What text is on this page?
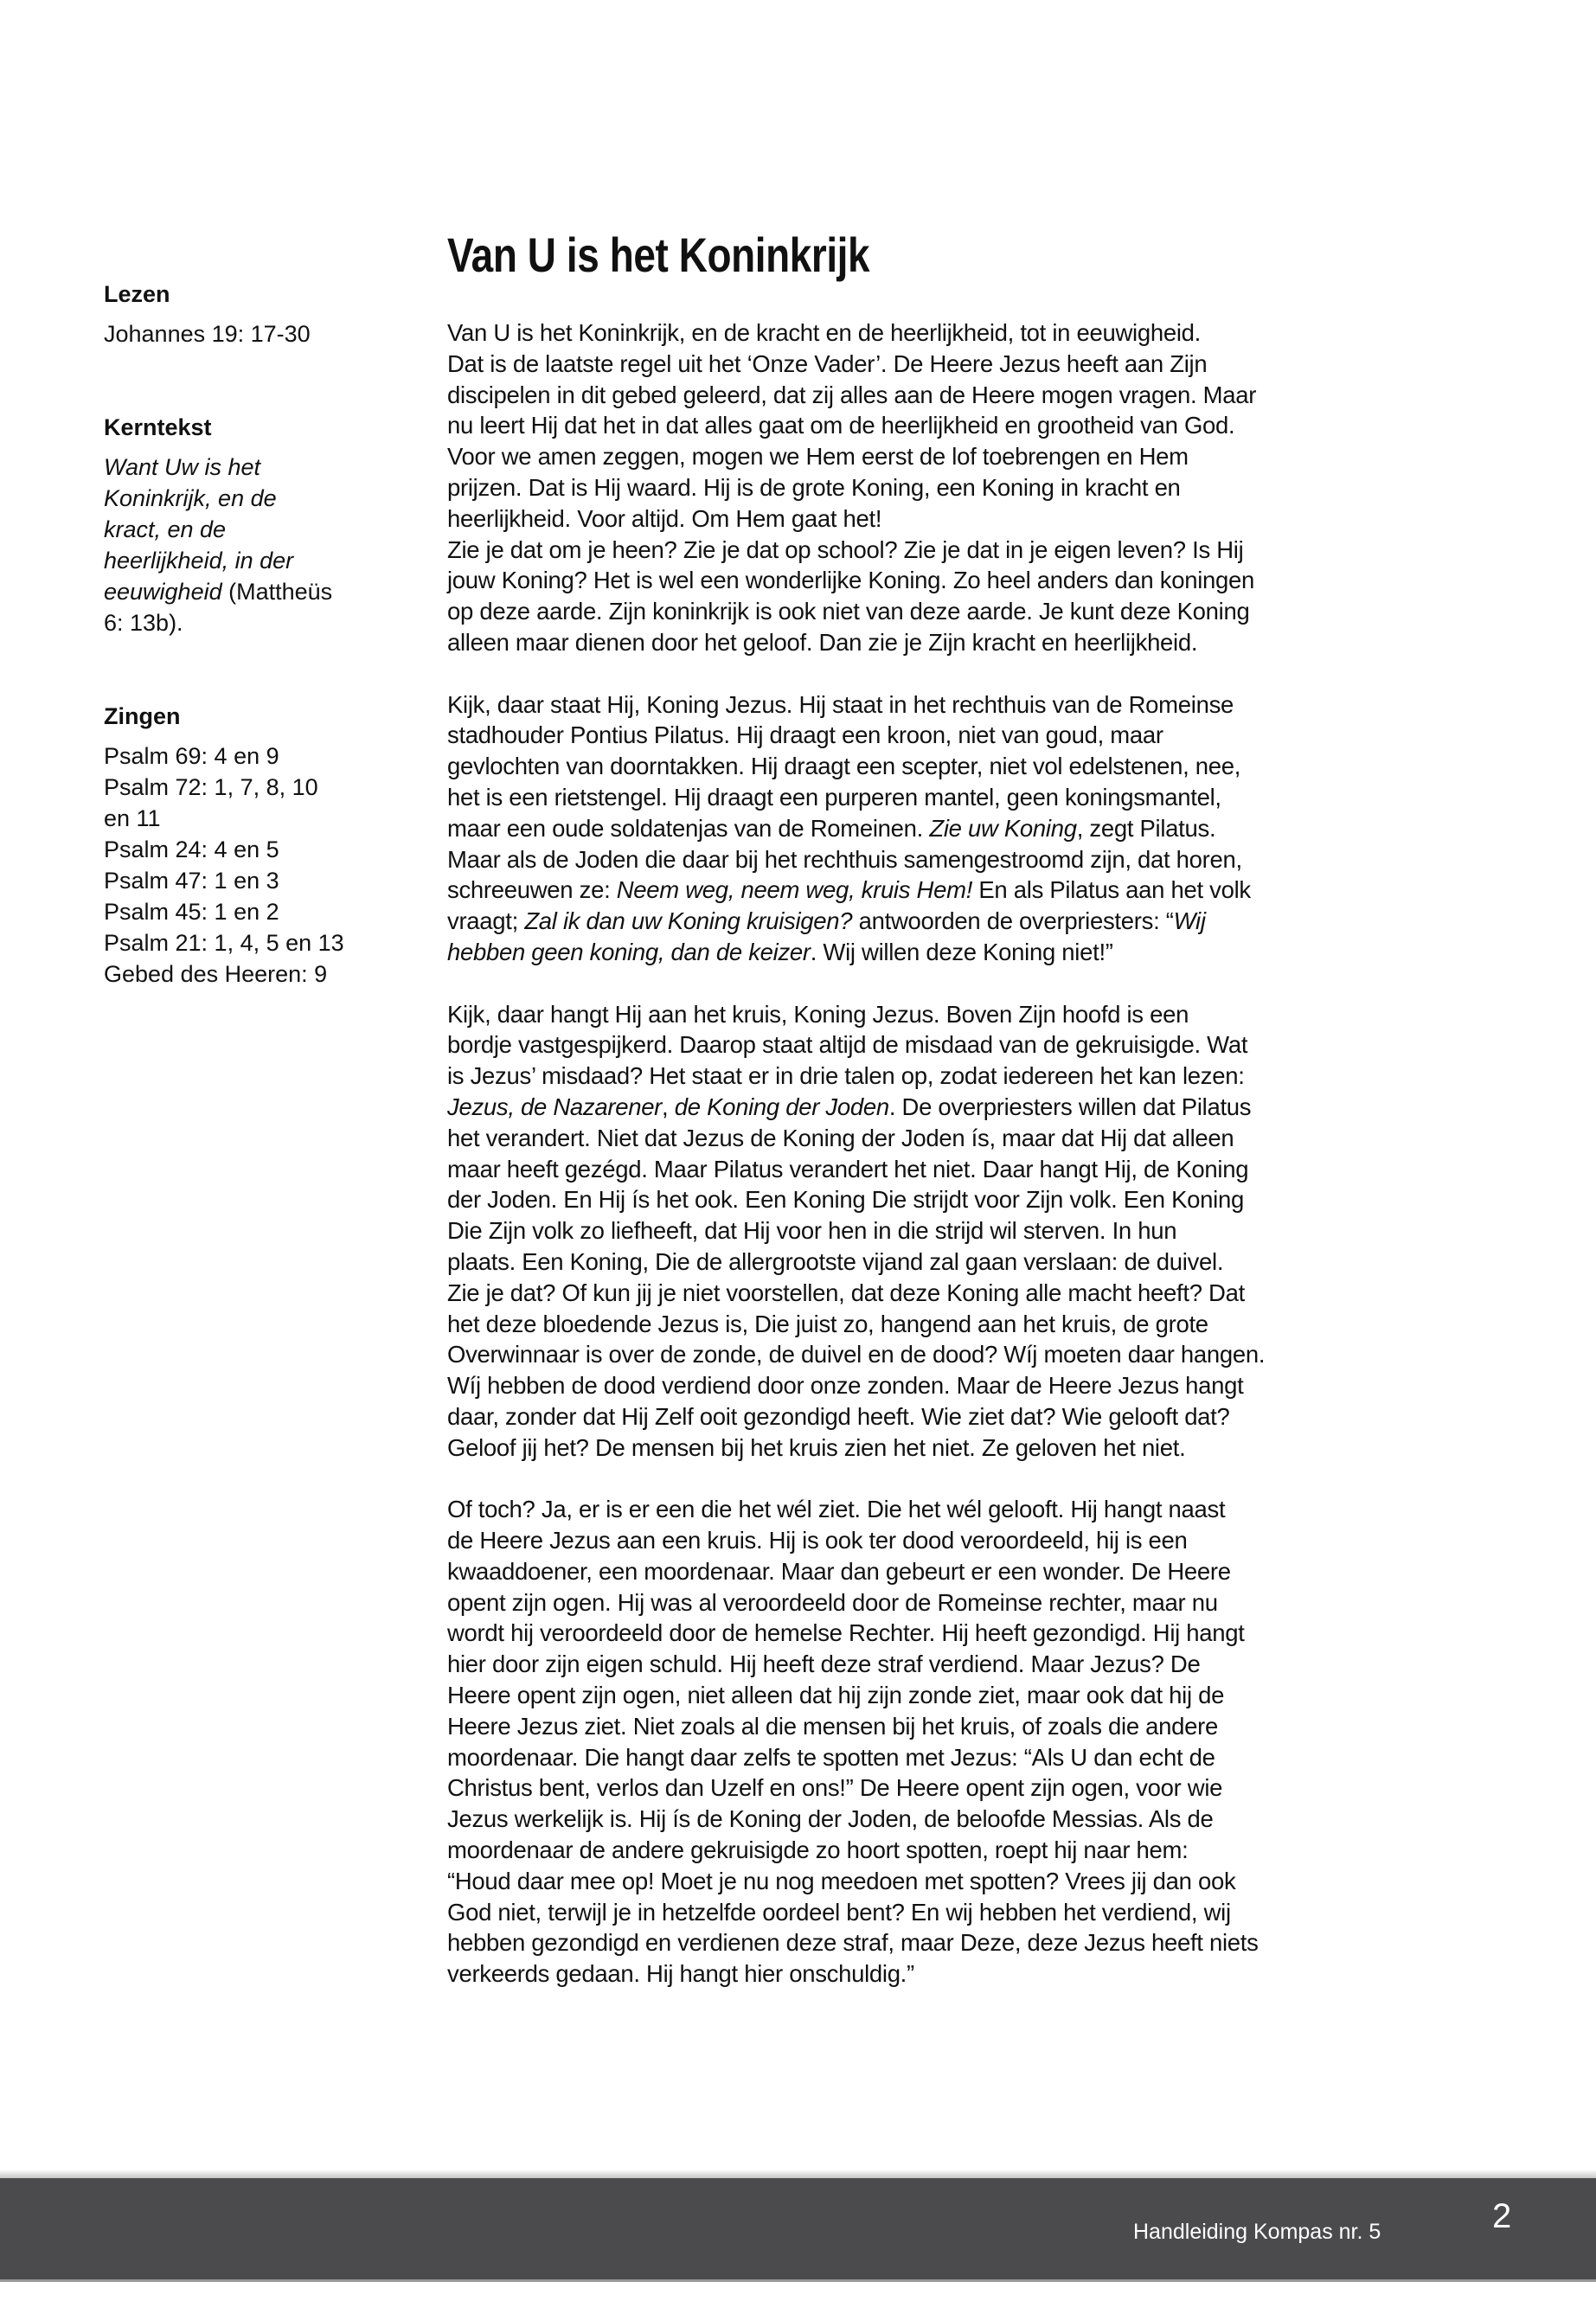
Lezen
Johannes 19: 17-30
Kerntekst
Want Uw is het
Koninkrijk, en de
kract, en de
heerlijkheid, in der
eeuwigheid (Mattheüs
6: 13b).
Zingen
Psalm 69: 4 en 9
Psalm 72: 1, 7, 8, 10
en 11
Psalm 24: 4 en 5
Psalm 47: 1 en 3
Psalm 45: 1 en 2
Psalm 21: 1, 4, 5 en 13
Gebed des Heeren: 9
Van U is het Koninkrijk
Van U is het Koninkrijk, en de kracht en de heerlijkheid, tot in eeuwigheid.
Dat is de laatste regel uit het ‘Onze Vader’. De Heere Jezus heeft aan Zijn
discipelen in dit gebed geleerd, dat zij alles aan de Heere mogen vragen. Maar
nu leert Hij dat het in dat alles gaat om de heerlijkheid en grootheid van God.
Voor we amen zeggen, mogen we Hem eerst de lof toebrengen en Hem
prijzen. Dat is Hij waard. Hij is de grote Koning, een Koning in kracht en
heerlijkheid. Voor altijd. Om Hem gaat het!
Zie je dat om je heen? Zie je dat op school? Zie je dat in je eigen leven? Is Hij
jouw Koning? Het is wel een wonderlijke Koning. Zo heel anders dan koningen
op deze aarde. Zijn koninkrijk is ook niet van deze aarde. Je kunt deze Koning
alleen maar dienen door het geloof. Dan zie je Zijn kracht en heerlijkheid.
Kijk, daar staat Hij, Koning Jezus. Hij staat in het rechthuis van de Romeinse
stadhouder Pontius Pilatus. Hij draagt een kroon, niet van goud, maar
gevlochten van doorntakken. Hij draagt een scepter, niet vol edelstenen, nee,
het is een rietstengel. Hij draagt een purperen mantel, geen koningsmantel,
maar een oude soldatenjas van de Romeinen. Zie uw Koning, zegt Pilatus.
Maar als de Joden die daar bij het rechthuis samengestroomd zijn, dat horen,
schreeuwen ze: Neem weg, neem weg, kruis Hem! En als Pilatus aan het volk
vraagt; Zal ik dan uw Koning kruisigen? antwoorden de overpriesters: “Wij
hebben geen koning, dan de keizer. Wij willen deze Koning niet!”
Kijk, daar hangt Hij aan het kruis, Koning Jezus. Boven Zijn hoofd is een
bordje vastgespijkerd. Daarop staat altijd de misdaad van de gekruisigde. Wat
is Jezus’ misdaad? Het staat er in drie talen op, zodat iedereen het kan lezen:
Jezus, de Nazarener, de Koning der Joden. De overpriesters willen dat Pilatus
het verandert. Niet dat Jezus de Koning der Joden ís, maar dat Hij dat alleen
maar heeft gezégd. Maar Pilatus verandert het niet. Daar hangt Hij, de Koning
der Joden. En Hij ís het ook. Een Koning Die strijdt voor Zijn volk. Een Koning
Die Zijn volk zo liefheeft, dat Hij voor hen in die strijd wil sterven. In hun
plaats. Een Koning, Die de allergrootste vijand zal gaan verslaan: de duivel.
Zie je dat? Of kun jij je niet voorstellen, dat deze Koning alle macht heeft? Dat
het deze bloedende Jezus is, Die juist zo, hangend aan het kruis, de grote
Overwinnaar is over de zonde, de duivel en de dood? Wíj moeten daar hangen.
Wíj hebben de dood verdiend door onze zonden. Maar de Heere Jezus hangt
daar, zonder dat Hij Zelf ooit gezondigd heeft. Wie ziet dat? Wie gelooft dat?
Geloof jij het? De mensen bij het kruis zien het niet. Ze geloven het niet.
Of toch? Ja, er is er een die het wél ziet. Die het wél gelooft. Hij hangt naast
de Heere Jezus aan een kruis. Hij is ook ter dood veroordeeld, hij is een
kwaaddoener, een moordenaar. Maar dan gebeurt er een wonder. De Heere
opent zijn ogen. Hij was al veroordeeld door de Romeinse rechter, maar nu
wordt hij veroordeeld door de hemelse Rechter. Hij heeft gezondigd. Hij hangt
hier door zijn eigen schuld. Hij heeft deze straf verdiend. Maar Jezus? De
Heere opent zijn ogen, niet alleen dat hij zijn zonde ziet, maar ook dat hij de
Heere Jezus ziet. Niet zoals al die mensen bij het kruis, of zoals die andere
moordenaar. Die hangt daar zelfs te spotten met Jezus: “Als U dan echt de
Christus bent, verlos dan Uzelf en ons!” De Heere opent zijn ogen, voor wie
Jezus werkelijk is. Hij ís de Koning der Joden, de beloofde Messias. Als de
moordenaar de andere gekruisigde zo hoort spotten, roept hij naar hem:
“Houd daar mee op! Moet je nu nog meedoen met spotten? Vrees jij dan ook
God niet, terwijl je in hetzelfde oordeel bent? En wij hebben het verdiend, wij
hebben gezondigd en verdienen deze straf, maar Deze, deze Jezus heeft niets
verkeerds gedaan. Hij hangt hier onschuldig.”
Handleiding Kompas nr. 5	2
